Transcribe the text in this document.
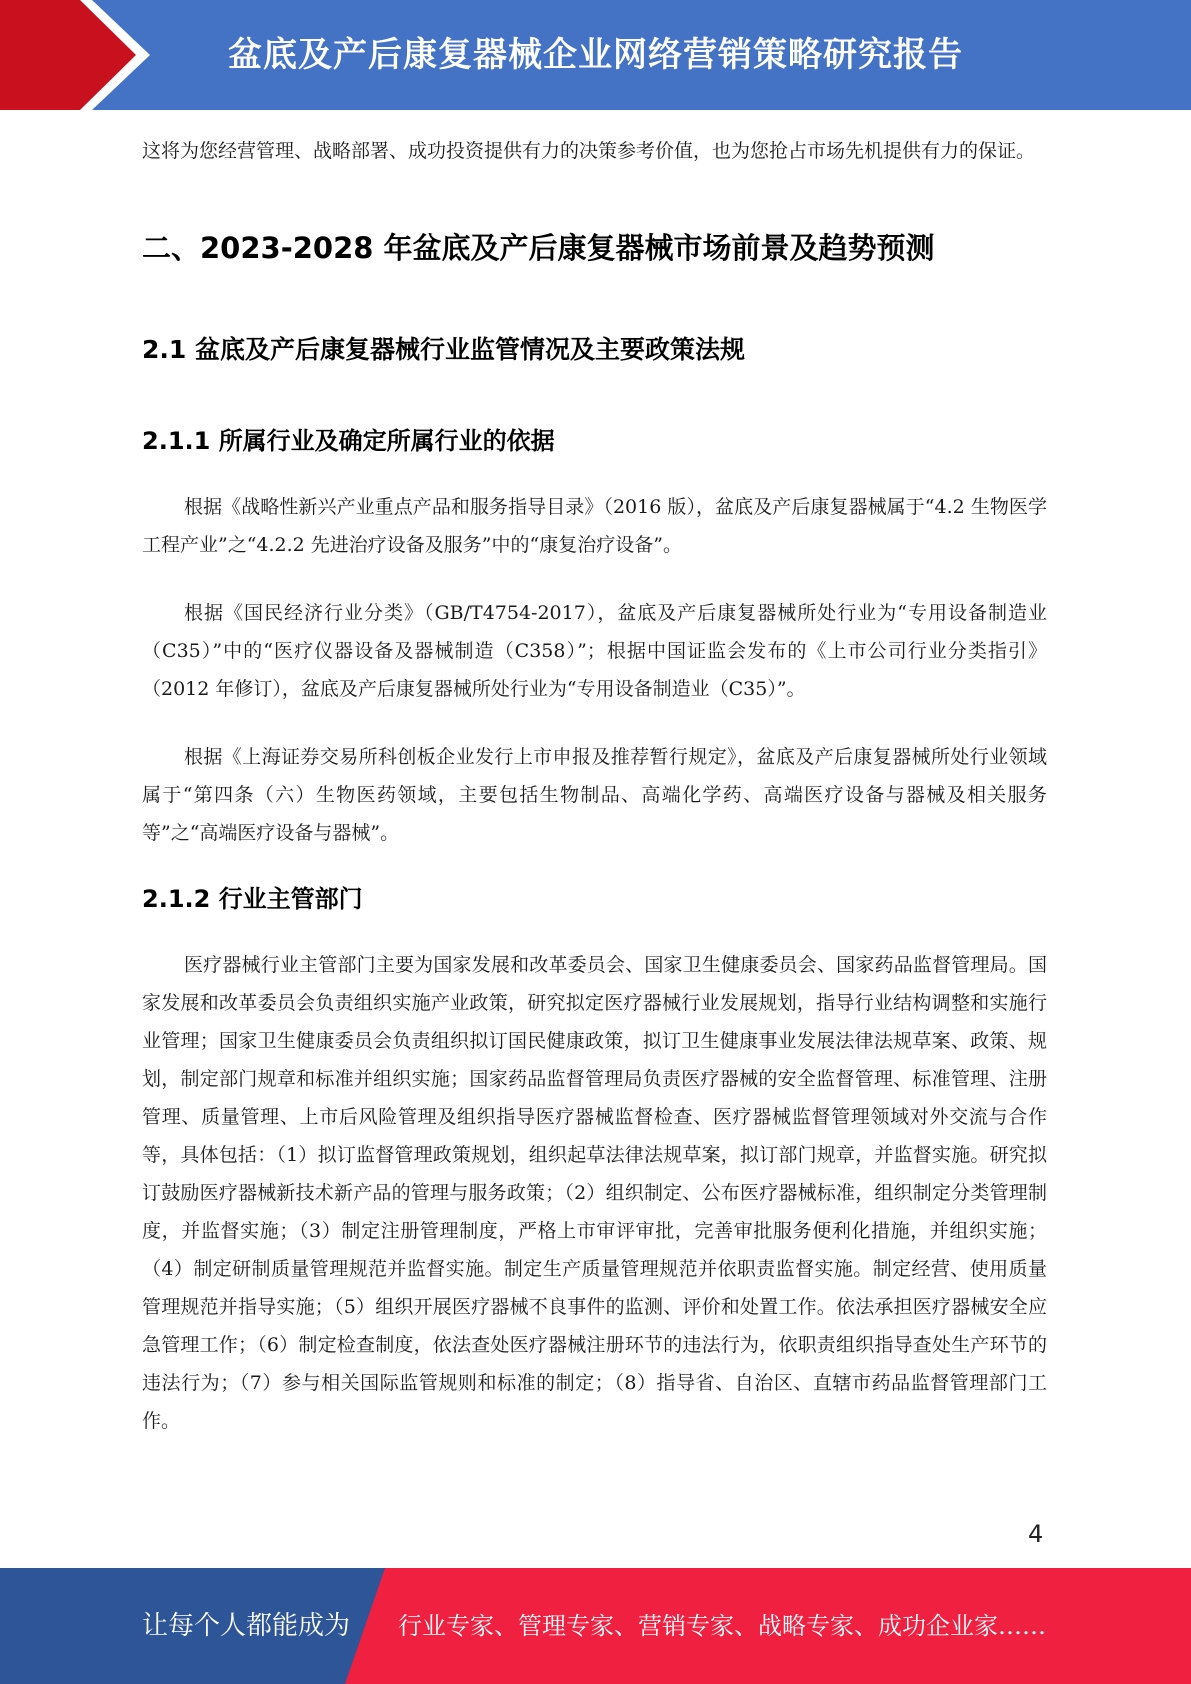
盆底及产后康复器械企业网络营销策略研究报告

这将为您经营管理、战略部署、成功投资提供有力的决策参考价值，也为您抢占市场先机提供有力的保证。

二、2023-2028 年盆底及产后康复器械市场前景及趋势预测
2.1 盆底及产后康复器械行业监管情况及主要政策法规
2.1.1 所属行业及确定所属行业的依据

根据《战略性新兴产业重点产品和服务指导目录》（2016 版），盆底及产后康复器械属于“4.2 生物医学工程产业”之“4.2.2 先进治疗设备及服务”中的“康复治疗设备”。

根据《国民经济行业分类》（GB/T4754-2017），盆底及产后康复器械所处行业为“专用设备制造业（C35）”中的“医疗仪器设备及器械制造（C358）”；根据中国证监会发布的《上市公司行业分类指引》（2012 年修订），盆底及产后康复器械所处行业为“专用设备制造业（C35）”。

根据《上海证券交易所科创板企业发行上市申报及推荐暂行规定》，盆底及产后康复器械所处行业领域属于“第四条（六）生物医药领域，主要包括生物制品、高端化学药、高端医疗设备与器械及相关服务等”之“高端医疗设备与器械”。

2.1.2 行业主管部门

医疗器械行业主管部门主要为国家发展和改革委员会、国家卫生健康委员会、国家药品监督管理局。国家发展和改革委员会负责组织实施产业政策，研究拟定医疗器械行业发展规划，指导行业结构调整和实施行业管理；国家卫生健康委员会负责组织拟订国民健康政策，拟订卫生健康事业发展法律法规草案、政策、规划，制定部门规章和标准并组织实施；国家药品监督管理局负责医疗器械的安全监督管理、标准管理、注册管理、质量管理、上市后风险管理及组织指导医疗器械监督检查、医疗器械监督管理领域对外交流与合作等，具体包括：（1）拟订监督管理政策规划，组织起草法律法规草案，拟订部门规章，并监督实施。研究拟订鼓励医疗器械新技术新产品的管理与服务政策；（2）组织制定、公布医疗器械标准，组织制定分类管理制度，并监督实施；（3）制定注册管理制度，严格上市审评审批，完善审批服务便利化措施，并组织实施；（4）制定研制质量管理规范并监督实施。制定生产质量管理规范并依职责监督实施。制定经营、使用质量管理规范并指导实施；（5）组织开展医疗器械不良事件的监测、评价和处置工作。依法承担医疗器械安全应急管理工作；（6）制定检查制度，依法查处医疗器械注册环节的违法行为，依职责组织指导查处生产环节的违法行为；（7）参与相关国际监管规则和标准的制定；（8）指导省、自治区、直辖市药品监督管理部门工作。

4
让每个人都能成为 行业专家、管理专家、营销专家、战略专家、成功企业家……
